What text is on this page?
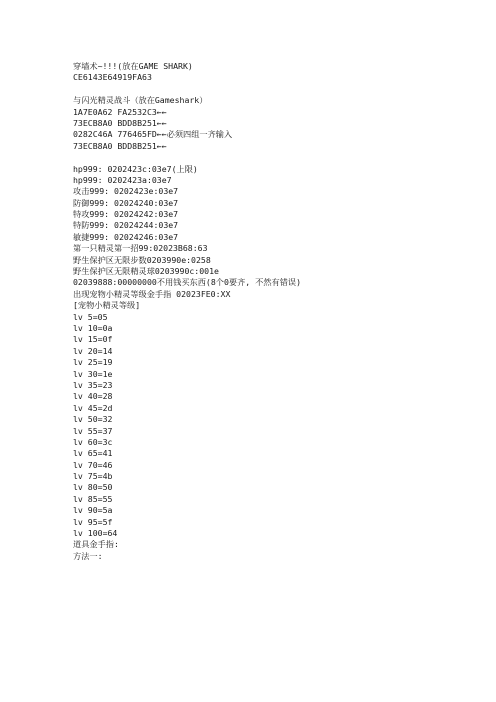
穿墙术~!!!(放在GAME SHARK)
CE6143E64919FA63
与闪光精灵战斗（放在Gameshark）
1A7E0A62 FA2532C3←←
73ECB8A0 BDD8B251←←
0282C46A 776465FD←←必须四组一齐输入
73ECB8A0 BDD8B251←←
hp999: 0202423c:03e7(上限)
hp999: 0202423a:03e7
攻击999: 0202423e:03e7
防御999: 02024240:03e7
特攻999: 02024242:03e7
特防999: 02024244:03e7
敏捷999: 02024246:03e7
第一只精灵第一招99:02023B68:63
野生保护区无限步数0203990e:0258
野生保护区无限精灵球0203990c:001e
02039888:00000000不用钱买东西(8个0要齐, 不然有错误)
出现宠物小精灵等级金手指 02023FE0:XX
[宠物小精灵等级]
lv 5=05
lv 10=0a
lv 15=0f
lv 20=14
lv 25=19
lv 30=1e
lv 35=23
lv 40=28
lv 45=2d
lv 50=32
lv 55=37
lv 60=3c
lv 65=41
lv 70=46
lv 75=4b
lv 80=50
lv 85=55
lv 90=5a
lv 95=5f
lv 100=64
道具金手指:
方法一:
